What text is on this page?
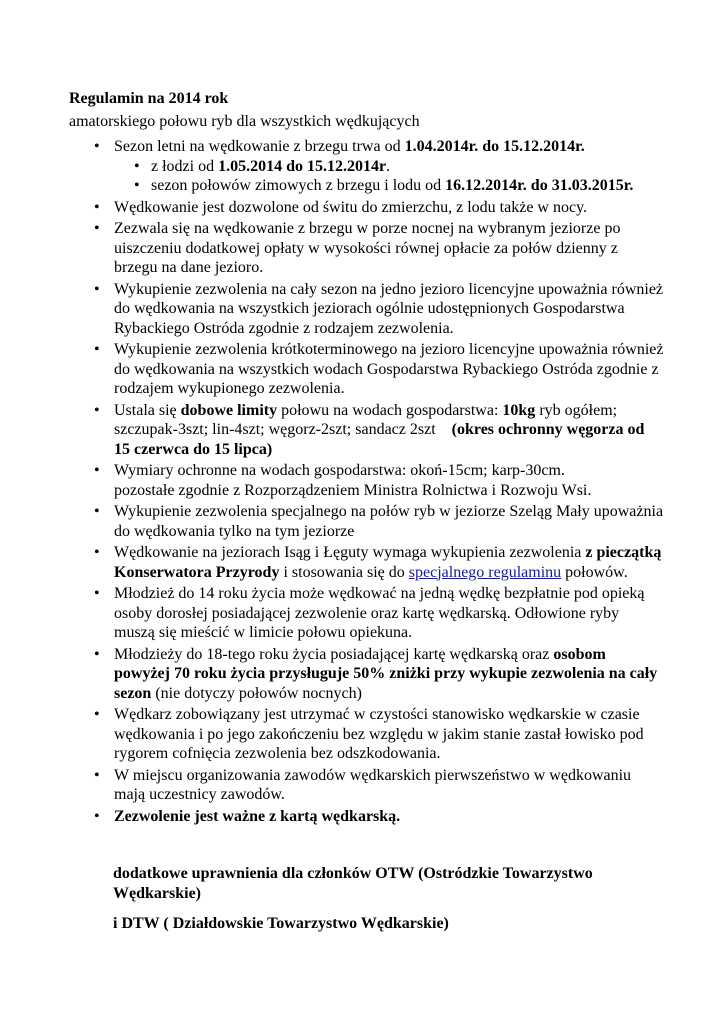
Regulamin na 2014 rok

amatorskiego połowu ryb dla wszystkich wędkujących

• Sezon letni na wędkowanie z brzegu trwa od 1.04.2014r. do 15.12.2014r.
• z łodzi od 1.05.2014 do 15.12.2014r.
• sezon połowów zimowych z brzegu i lodu od 16.12.2014r. do 31.03.2015r.
• Wędkowanie jest dozwolone od świtu do zmierzchu, z lodu także w nocy.
• Zezwala się na wędkowanie z brzegu w porze nocnej na wybranym jeziorze po uiszczeniu dodatkowej opłaty w wysokości równej opłacie za połów dzienny z brzegu na dane jezioro.
• Wykupienie zezwolenia na cały sezon na jedno jezioro licencyjne upoważnia również do wędkowania na wszystkich jeziorach ogólnie udostępnionych Gospodarstwa Rybackiego Ostróda zgodnie z rodzajem zezwolenia.
• Wykupienie zezwolenia krótkoterminowego na jezioro licencyjne upoważnia również do wędkowania na wszystkich wodach Gospodarstwa Rybackiego Ostróda zgodnie z rodzajem wykupionego zezwolenia.
• Ustala się dobowe limity połowu na wodach gospodarstwa: 10kg ryb ogółem; szczupak-3szt; lin-4szt; węgorz-2szt; sandacz 2szt    (okres ochronny węgorza od 15 czerwca do 15 lipca)
• Wymiary ochronne na wodach gospodarstwa: okoń-15cm; karp-30cm.
pozostałe zgodnie z Rozporządzeniem Ministra Rolnictwa i Rozwoju Wsi.
• Wykupienie zezwolenia specjalnego na połów ryb w jeziorze Szeląg Mały upoważnia do wędkowania tylko na tym jeziorze
• Wędkowanie na jeziorach Isąg i Łęguty wymaga wykupienia zezwolenia z pieczątką Konserwatora Przyrody i stosowania się do specjalnego regulaminu połowów.
• Młodzież do 14 roku życia może wędkować na jedną wędkę bezpłatnie pod opieką osoby dorosłej posiadającej zezwolenie oraz kartę wędkarską. Odłowione ryby muszą się mieścić w limicie połowu opiekuna.
• Młodzieży do 18-tego roku życia posiadającej kartę wędkarską oraz osobom powyżej 70 roku życia przysługuje 50% zniżki przy wykupie zezwolenia na cały sezon (nie dotyczy połowów nocnych)
• Wędkarz zobowiązany jest utrzymać w czystości stanowisko wędkarskie w czasie wędkowania i po jego zakończeniu bez względu w jakim stanie zastał łowisko pod rygorem cofnięcia zezwolenia bez odszkodowania.
• W miejscu organizowania zawodów wędkarskich pierwszeństwo w wędkowaniu mają uczestnicy zawodów.
• Zezwolenie jest ważne z kartą wędkarską.

dodatkowe uprawnienia dla członków OTW (Ostródzkie Towarzystwo Wędkarskie)

i DTW ( Działdowskie Towarzystwo Wędkarskie)
